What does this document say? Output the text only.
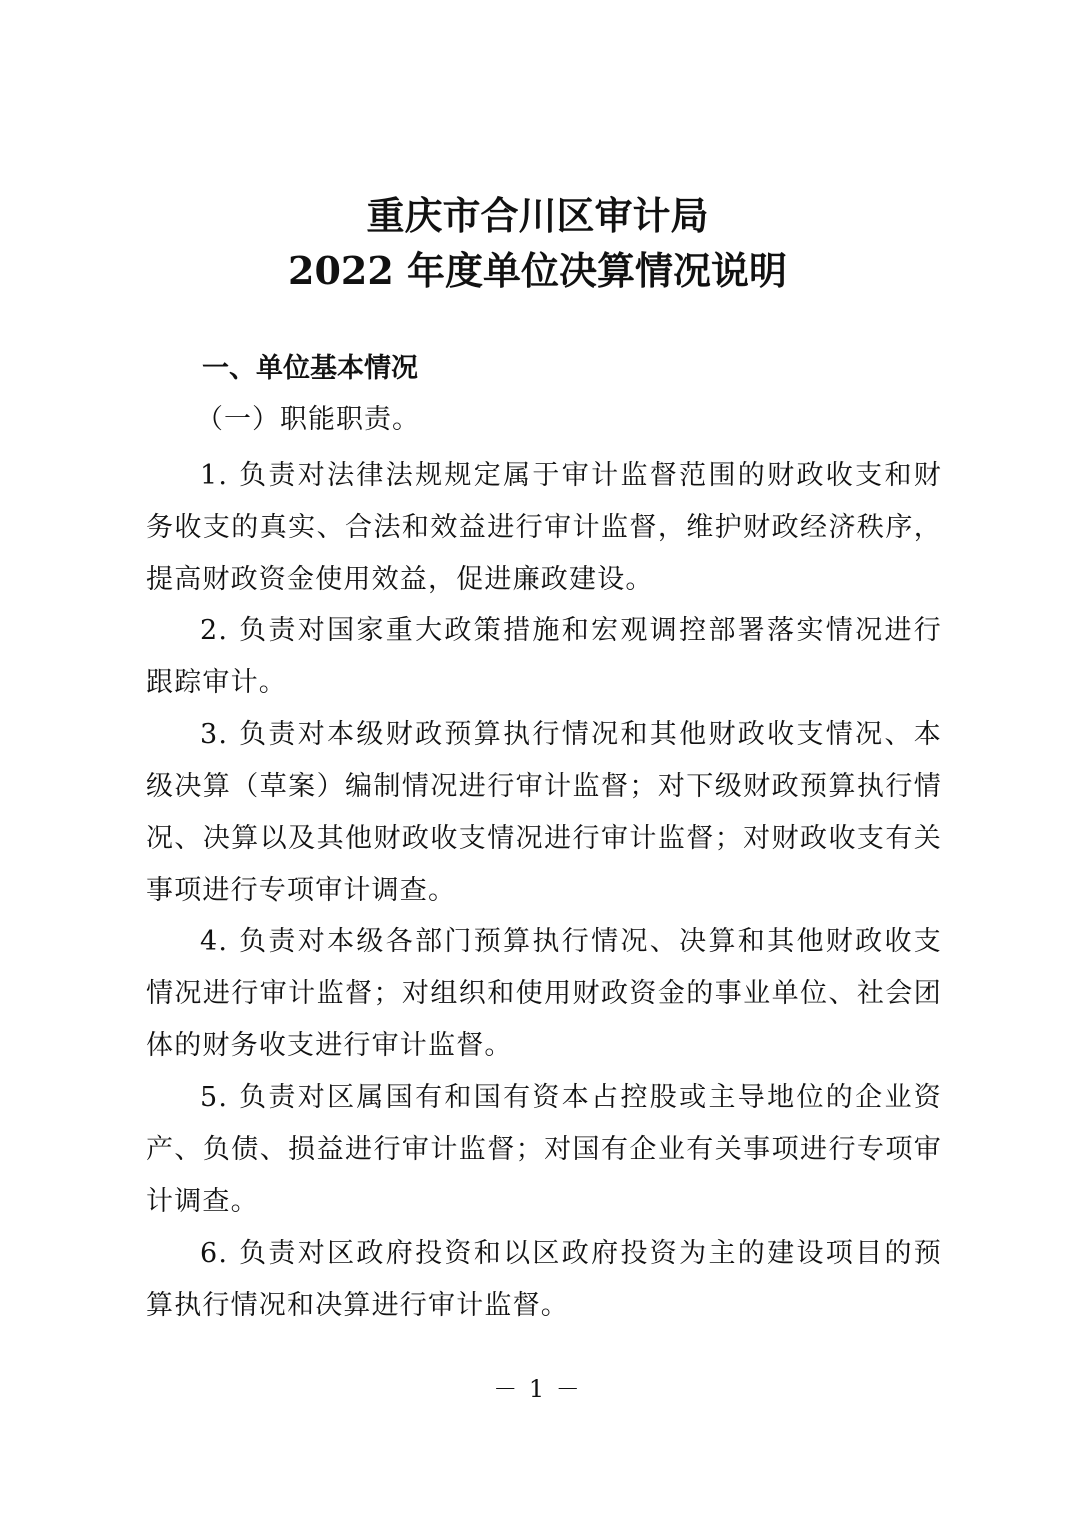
重庆市合川区审计局
2022 年度单位决算情况说明
一、单位基本情况
（一）职能职责。

1. 负责对法律法规规定属于审计监督范围的财政收支和财务收支的真实、合法和效益进行审计监督，维护财政经济秩序，提高财政资金使用效益，促进廉政建设。

2. 负责对国家重大政策措施和宏观调控部署落实情况进行跟踪审计。

3. 负责对本级财政预算执行情况和其他财政收支情况、本级决算（草案）编制情况进行审计监督；对下级财政预算执行情况、决算以及其他财政收支情况进行审计监督；对财政收支有关事项进行专项审计调查。

4. 负责对本级各部门预算执行情况、决算和其他财政收支情况进行审计监督；对组织和使用财政资金的事业单位、社会团体的财务收支进行审计监督。

5. 负责对区属国有和国有资本占控股或主导地位的企业资产、负债、损益进行审计监督；对国有企业有关事项进行专项审计调查。

6. 负责对区政府投资和以区政府投资为主的建设项目的预算执行情况和决算进行审计监督。

－ 1 －
